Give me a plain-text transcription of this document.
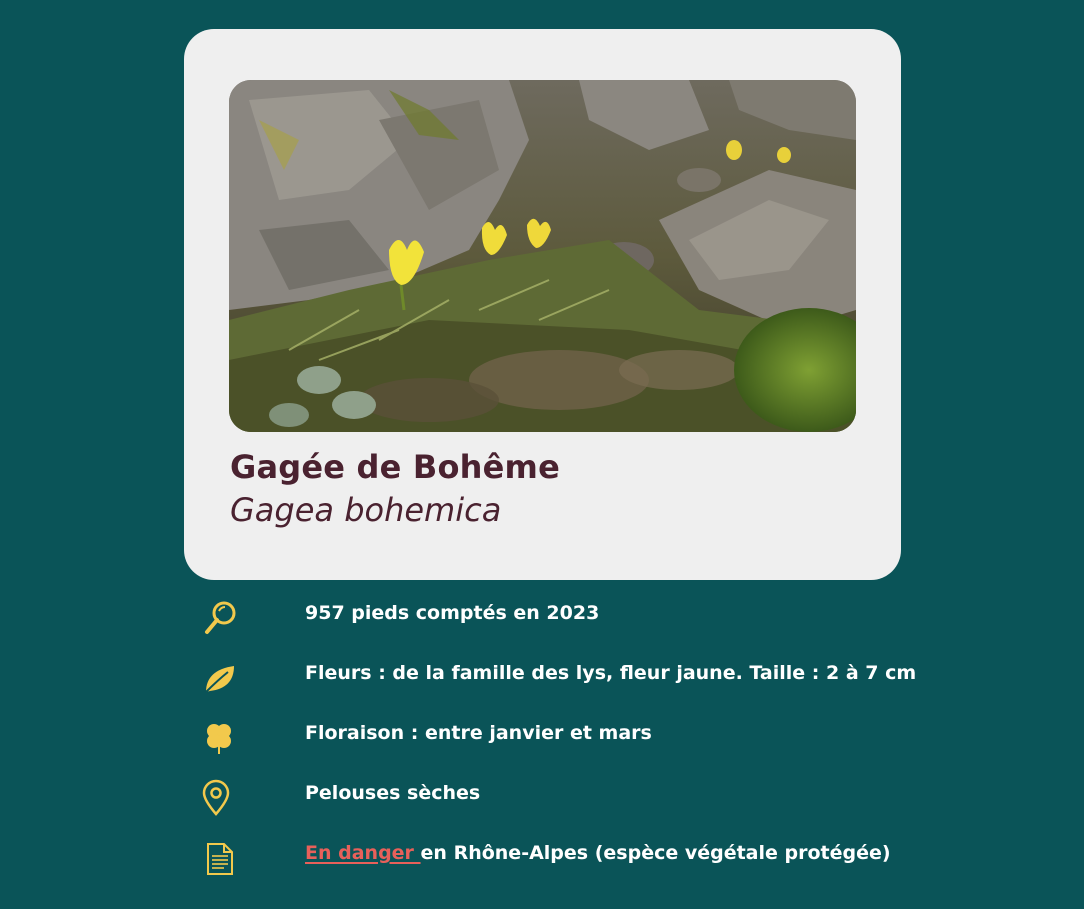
Gagée de Bohême
Gagea bohemica
957 pieds comptés en 2023
Fleurs : de la famille des lys, fleur jaune. Taille : 2 à 7 cm
Floraison : entre janvier et mars
Pelouses sèches
En danger en Rhône-Alpes (espèce végétale protégée)
